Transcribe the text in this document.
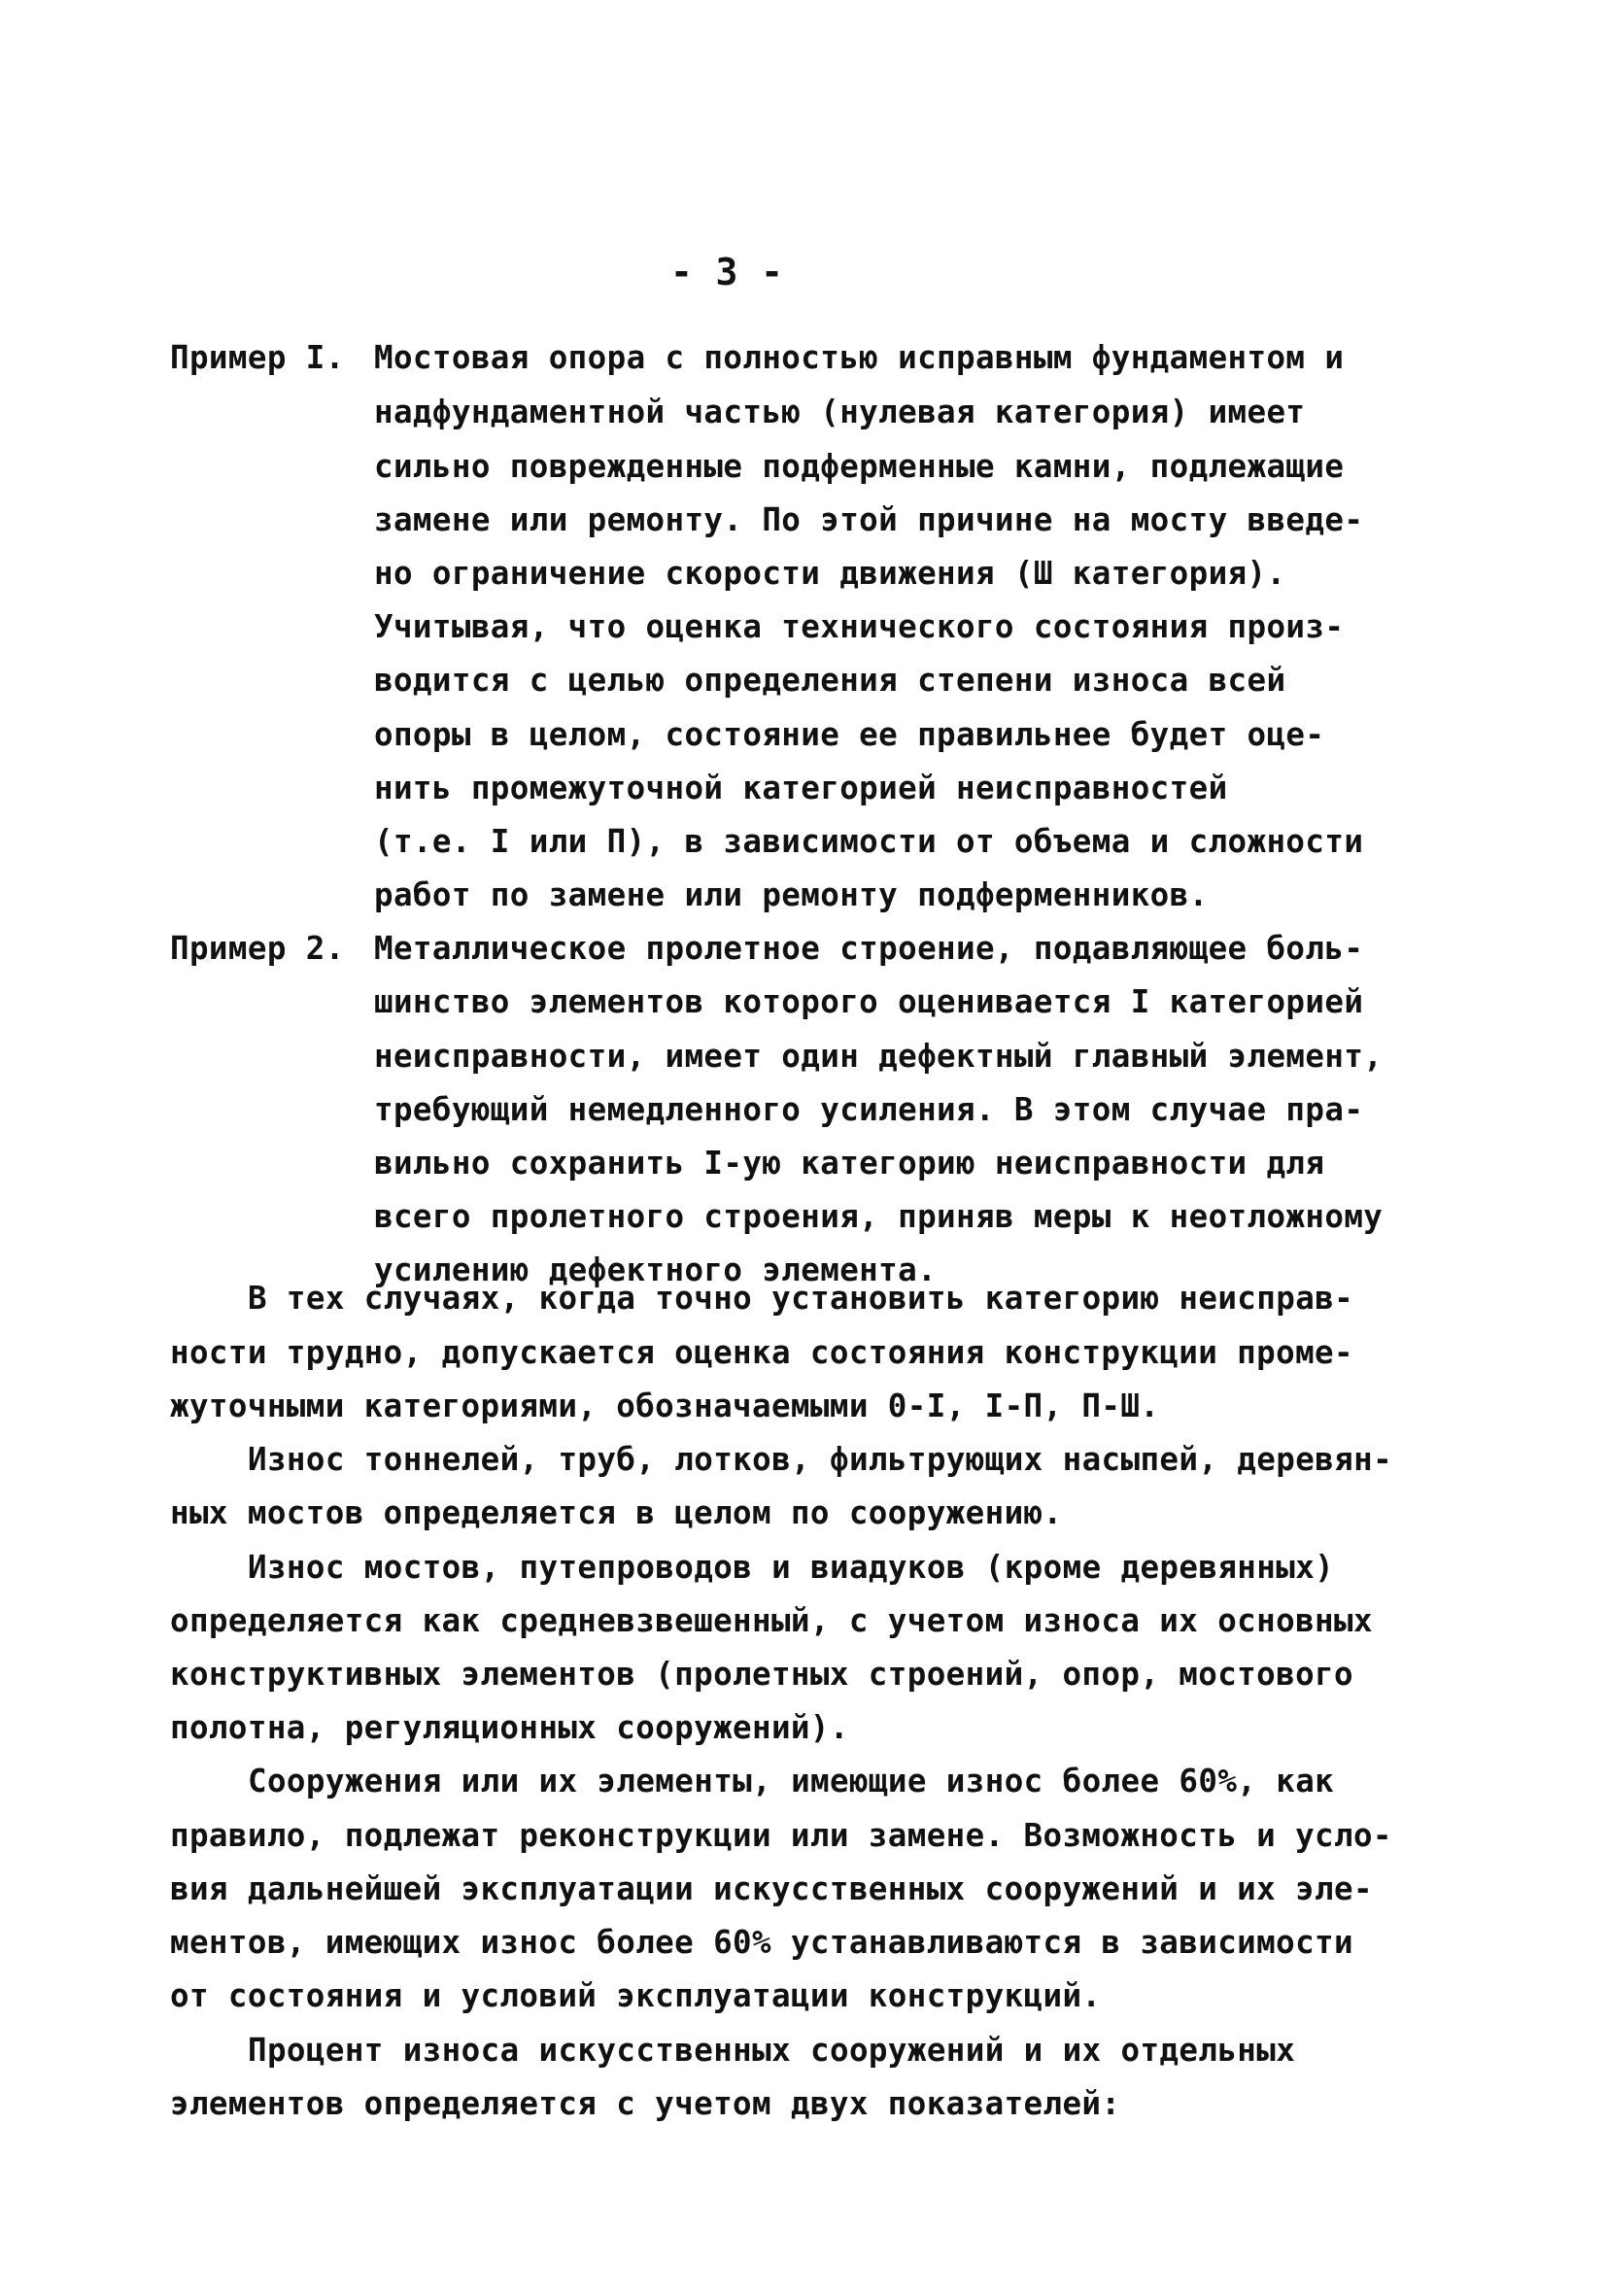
- 3 -
Пример I. Мостовая опора с полностью исправным фундаментом и
надфундаментной частью (нулевая категория) имеет
сильно поврежденные подферменные камни, подлежащие
замене или ремонту. По этой причине на мосту введе-
но ограничение скорости движения (Ш категория).
Учитывая, что оценка технического состояния произ-
водится с целью определения степени износа всей
опоры в целом, состояние ее правильнее будет оце-
нить промежуточной категорией неисправностей
(т.е. I или П), в зависимости от объема и сложности
работ по замене или ремонту подферменников.
Пример 2. Металлическое пролетное строение, подавляющее боль-
шинство элементов которого оценивается I категорией
неисправности, имеет один дефектный главный элемент,
требующий немедленного усиления. В этом случае пра-
вильно сохранить I-ую категорию неисправности для
всего пролетного строения, приняв меры к неотложному
усилению дефектного элемента.
В тех случаях, когда точно установить категорию неисправ-
ности трудно, допускается оценка состояния конструкции проме-
жуточными категориями, обозначаемыми 0-I, I-П, П-Ш.
Износ тоннелей, труб, лотков, фильтрующих насыпей, деревян-
ных мостов определяется в целом по сооружению.
Износ мостов, путепроводов и виадуков (кроме деревянных)
определяется как средневзвешенный, с учетом износа их основных
конструктивных элементов (пролетных строений, опор, мостового
полотна, регуляционных сооружений).
Сооружения или их элементы, имеющие износ более 60%, как
правило, подлежат реконструкции или замене. Возможность и усло-
вия дальнейшей эксплуатации искусственных сооружений и их эле-
ментов, имеющих износ более 60% устанавливаются в зависимости
от состояния и условий эксплуатации конструкций.
Процент износа искусственных сооружений и их отдельных
элементов определяется с учетом двух показателей:
